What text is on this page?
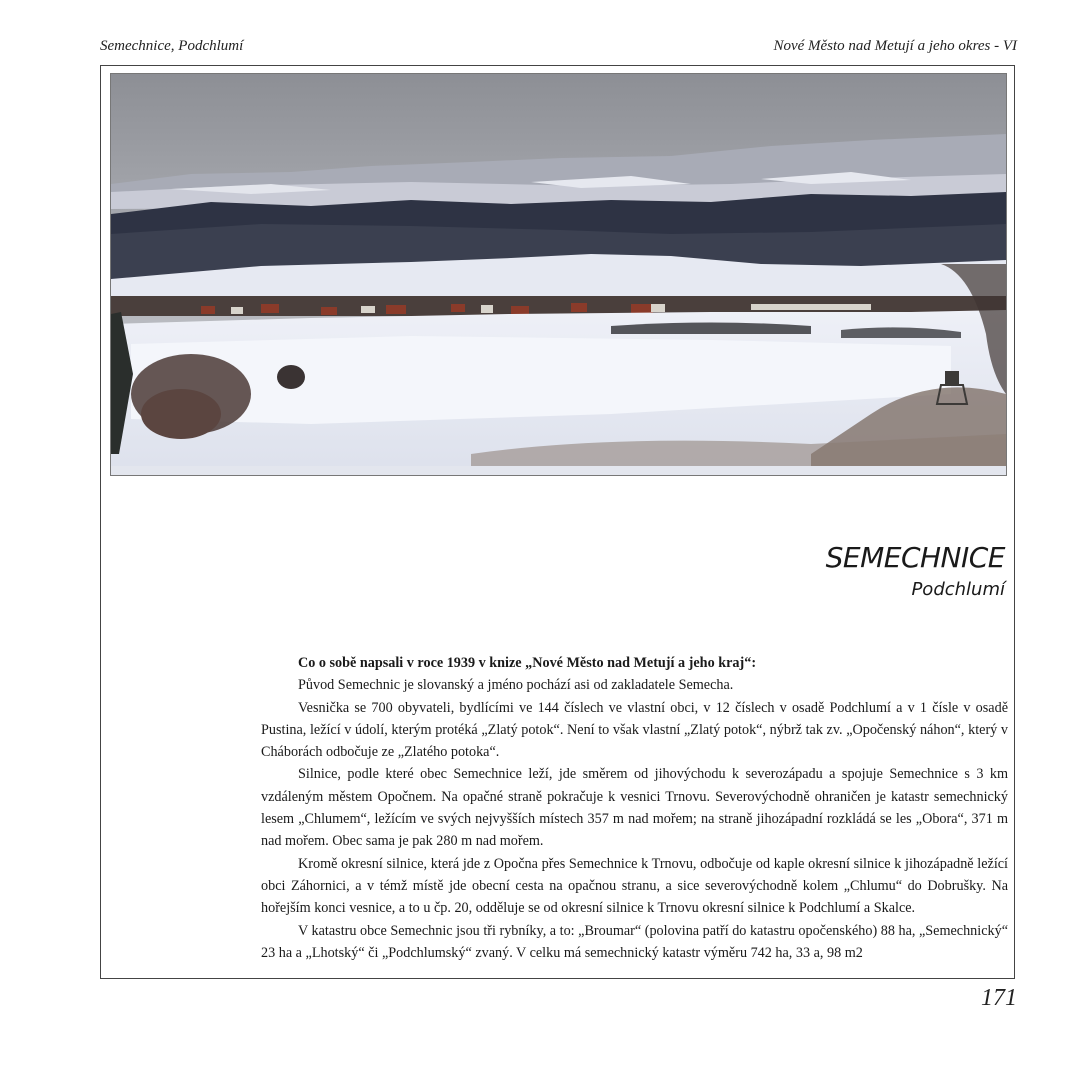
Semechnice, Podchlumí	Nové Město nad Metují a jeho okres - VI
SEMECHNICE
Podchlumí

Co o sobě napsali v roce 1939 v knize „Nové Město nad Metují a jeho kraj“:

Původ Semechnic je slovanský a jméno pochází asi od zakladatele Semecha.

Vesnička se 700 obyvateli, bydlícími ve 144 číslech ve vlastní obci, v 12 číslech v osadě Podchlumí a v 1 čísle v osadě Pustina, ležící v údolí, kterým protéká „Zlatý potok“. Není to však vlastní „Zlatý potok“, nýbrž tak zv. „Opočenský náhon“, který v Cháborách odbočuje ze „Zlatého potoka“.

Silnice, podle které obec Semechnice leží, jde směrem od jihovýchodu k severozápadu a spojuje Semechnice s 3 km vzdáleným městem Opočnem. Na opačné straně pokračuje k vesnici Trnovu. Severovýchodně ohraničen je katastr semechnický lesem „Chlumem“, ležícím ve svých nejvyšších místech 357 m nad mořem; na straně jihozápadní rozkládá se les „Obora“, 371 m nad mořem. Obec sama je pak 280 m nad mořem.

Kromě okresní silnice, která jde z Opočna přes Semechnice k Trnovu, odbočuje od kaple okresní silnice k jihozápadně ležící obci Záhornici, a v témž místě jde obecní cesta na opačnou stranu, a sice severovýchodně kolem „Chlumu“ do Dobrušky. Na hořejším konci vesnice, a to u čp. 20, odděluje se od okresní silnice k Trnovu okresní silnice k Podchlumí a Skalce.

V katastru obce Semechnic jsou tři rybníky, a to: „Broumar“ (polovina patří do katastru opočenského) 88 ha, „Semechnický“ 23 ha a „Lhotský“ či „Podchlumský“ zvaný. V celku má semechnický katastr výměru 742 ha, 33 a, 98 m2

171
